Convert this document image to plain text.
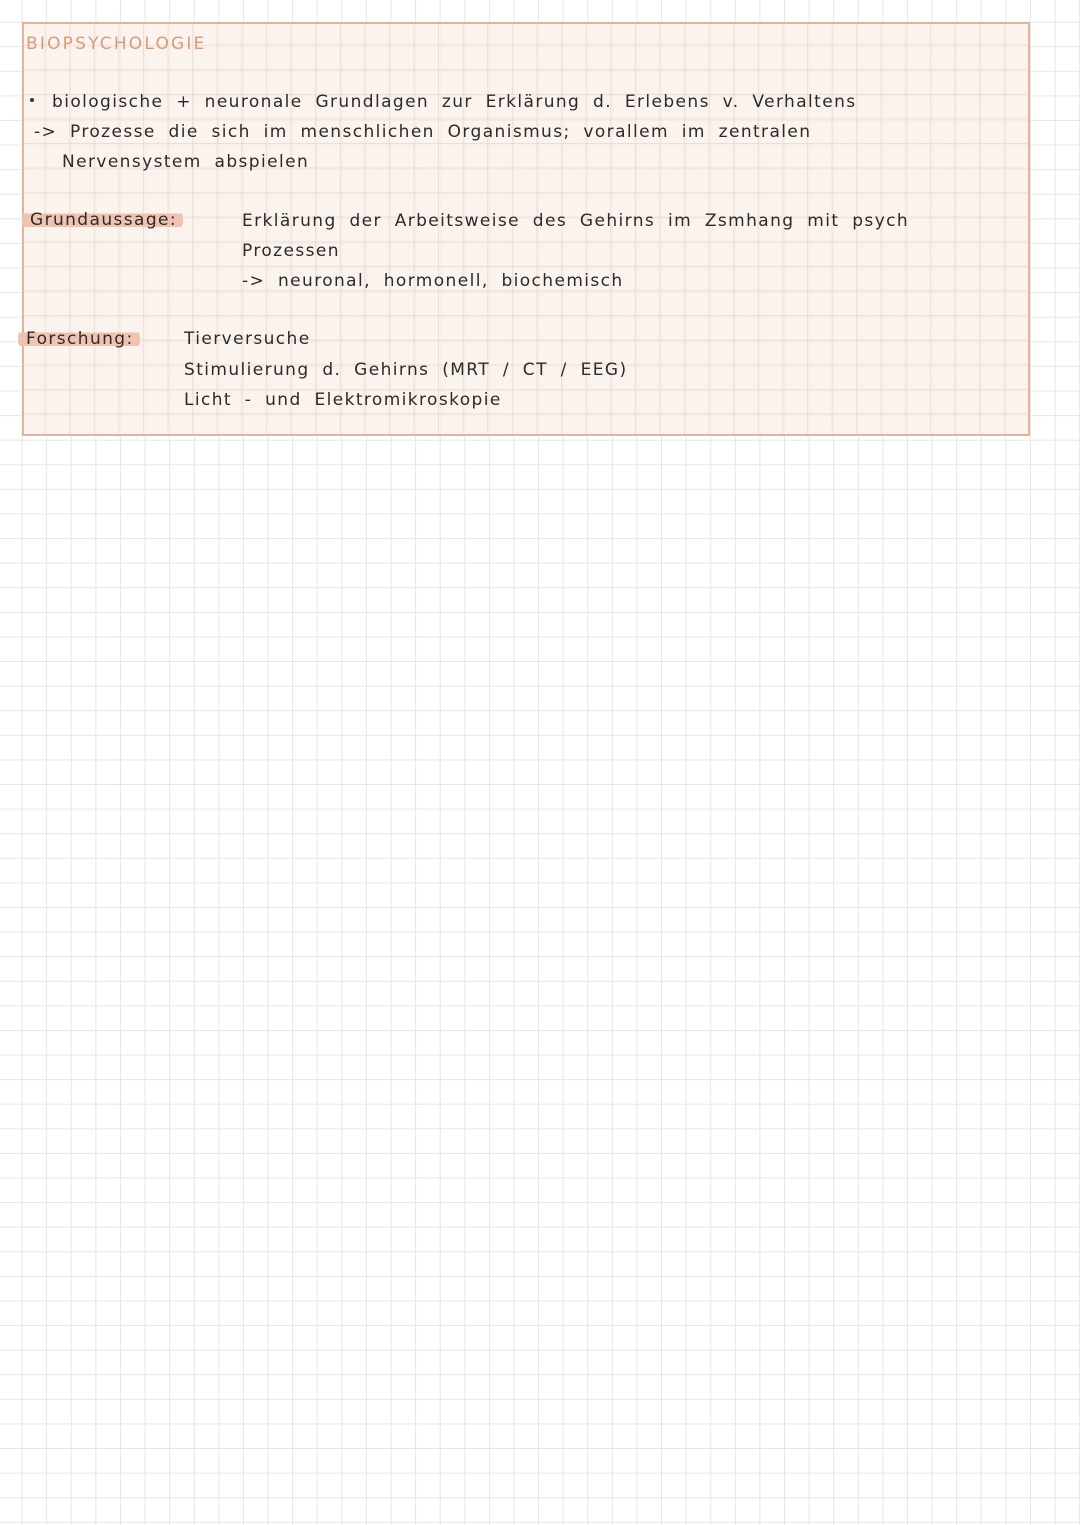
BIOPSYCHOLOGIE
biologische + neuronale Grundlagen zur Erklärung d. Erlebens v. Verhaltens
-> Prozesse die sich im menschlichen Organismus; vorallem im zentralen
Nervensystem abspielen
Grundaussage:	Erklärung der Arbeitsweise des Gehirns im Zsmhang mit psych
Prozessen
-> neuronal, hormonell, biochemisch
Forschung:	Tierversuche
Stimulierung d. Gehirns (MRT / CT / EEG)
Licht - und Elektromikroskopie
